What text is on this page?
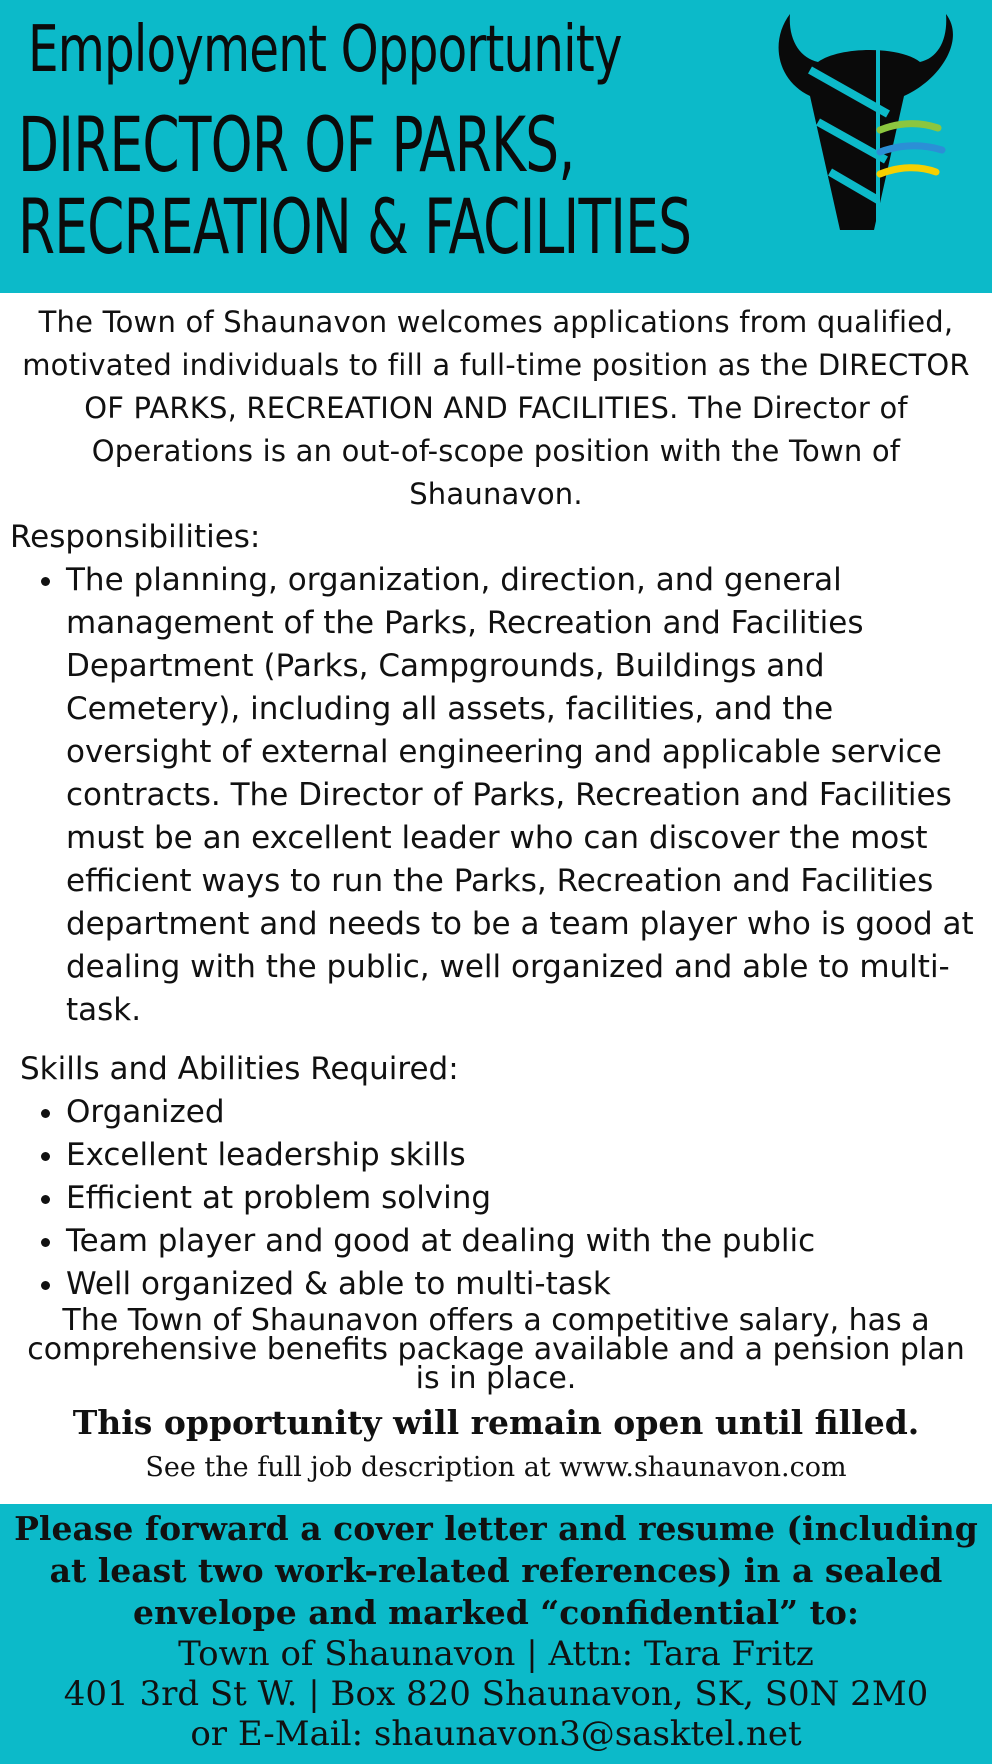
Employment Opportunity
DIRECTOR OF PARKS,
RECREATION & FACILITIES
The Town of Shaunavon welcomes applications from qualified, motivated individuals to fill a full-time position as the DIRECTOR OF PARKS, RECREATION AND FACILITIES. The Director of Operations is an out-of-scope position with the Town of Shaunavon.
Responsibilities:
• The planning, organization, direction, and general management of the Parks, Recreation and Facilities Department (Parks, Campgrounds, Buildings and Cemetery), including all assets, facilities, and the oversight of external engineering and applicable service contracts. The Director of Parks, Recreation and Facilities must be an excellent leader who can discover the most efficient ways to run the Parks, Recreation and Facilities department and needs to be a team player who is good at dealing with the public, well organized and able to multi-task.
Skills and Abilities Required:
• Organized
• Excellent leadership skills
• Efficient at problem solving
• Team player and good at dealing with the public
• Well organized & able to multi-task
The Town of Shaunavon offers a competitive salary, has a comprehensive benefits package available and a pension plan is in place.
This opportunity will remain open until filled.
See the full job description at www.shaunavon.com
Please forward a cover letter and resume (including at least two work-related references) in a sealed envelope and marked “confidential” to:
Town of Shaunavon | Attn: Tara Fritz
401 3rd St W. | Box 820 Shaunavon, SK, S0N 2M0
or E-Mail: shaunavon3@sasktel.net
